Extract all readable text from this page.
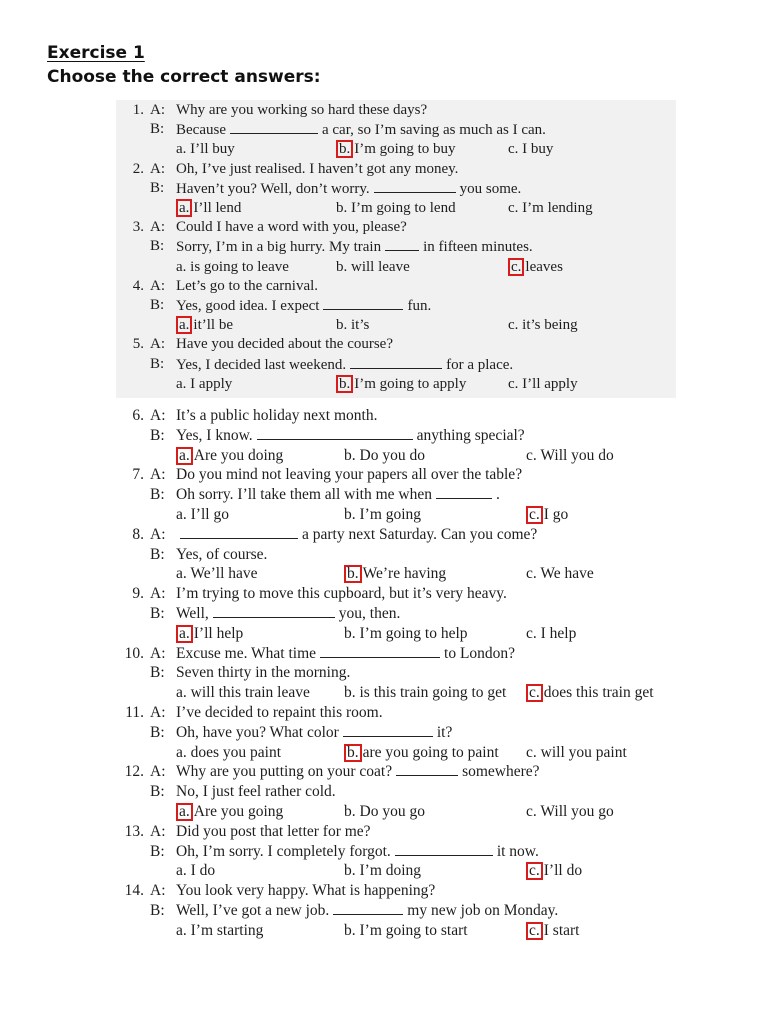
Exercise 1
Choose the correct answers:
1. A: Why are you working so hard these days?
B: Because	a car, so I’m saving as much as I can.
a. I’ll buy	b. I’m going to buy	c. I buy
2. A: Oh, I’ve just realised. I haven’t got any money.
B: Haven’t you? Well, don’t worry.	you some.
a. I’ll lend	b. I’m going to lend	c. I’m lending
3. A: Could I have a word with you, please?
B: Sorry, I’m in a big hurry. My train	in fifteen minutes.
a. is going to leave	b. will leave	c. leaves
4. A: Let’s go to the carnival.
B: Yes, good idea. I expect	fun.
a. it’ll be	b. it’s	c. it’s being
5. A: Have you decided about the course?
B: Yes, I decided last weekend.	for a place.
a. I apply	b. I’m going to apply	c. I’ll apply
6. A: It’s a public holiday next month.
B: Yes, I know.	anything special?
a. Are you doing	b. Do you do	c. Will you do
7. A: Do you mind not leaving your papers all over the table?
B: Oh sorry. I’ll take them all with me when	.
a. I’ll go	b. I’m going	c. I go
8. A:	a party next Saturday. Can you come?
B: Yes, of course.
a. We’ll have	b. We’re having	c. We have
9. A: I’m trying to move this cupboard, but it’s very heavy.
B: Well,	you, then.
a. I’ll help	b. I’m going to help	c. I help
10. A: Excuse me. What time	to London?
B: Seven thirty in the morning.
a. will this train leave	b. is this train going to get	c. does this train get
11. A: I’ve decided to repaint this room.
B: Oh, have you? What color	it?
a. does you paint	b. are you going to paint	c. will you paint
12. A: Why are you putting on your coat?	somewhere?
B: No, I just feel rather cold.
a. Are you going	b. Do you go	c. Will you go
13. A: Did you post that letter for me?
B: Oh, I’m sorry. I completely forgot.	it now.
a. I do	b. I’m doing	c. I’ll do
14. A: You look very happy. What is happening?
B: Well, I’ve got a new job.	my new job on Monday.
a. I’m starting	b. I’m going to start	c. I start
